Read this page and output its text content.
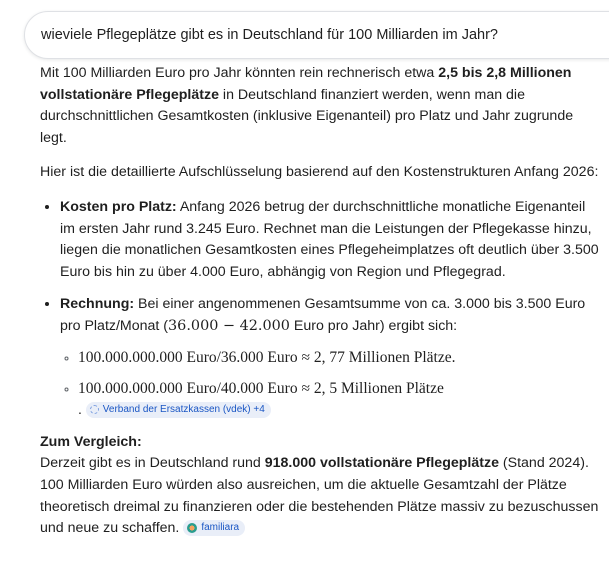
wieviele Pflegeplätze gibt es in Deutschland für 100 Milliarden im Jahr?

Mit 100 Milliarden Euro pro Jahr könnten rein rechnerisch etwa 2,5 bis 2,8 Millionen vollstationäre Pflegeplätze in Deutschland finanziert werden, wenn man die durchschnittlichen Gesamtkosten (inklusive Eigenanteil) pro Platz und Jahr zugrunde legt.

Hier ist die detaillierte Aufschlüsselung basierend auf den Kostenstrukturen Anfang 2026:

• Kosten pro Platz: Anfang 2026 betrug der durchschnittliche monatliche Eigenanteil im ersten Jahr rund 3.245 Euro. Rechnet man die Leistungen der Pflegekasse hinzu, liegen die monatlichen Gesamtkosten eines Pflegeheimplatzes oft deutlich über 3.500 Euro bis hin zu über 4.000 Euro, abhängig von Region und Pflegegrad.
• Rechnung: Bei einer angenommenen Gesamtsumme von ca. 3.000 bis 3.500 Euro pro Platz/Monat (36.000 − 42.000 Euro pro Jahr) ergibt sich:
◦ 100.000.000.000 Euro/36.000 Euro ≈ 2, 77 Millionen Plätze.
◦ 100.000.000.000 Euro/40.000 Euro ≈ 2, 5 Millionen Plätze
. Verband der Ersatzkassen (vdek) +4

Zum Vergleich:

Derzeit gibt es in Deutschland rund 918.000 vollstationäre Pflegeplätze (Stand 2024). 100 Milliarden Euro würden also ausreichen, um die aktuelle Gesamtzahl der Plätze theoretisch dreimal zu finanzieren oder die bestehenden Plätze massiv zu bezuschussen und neue zu schaffen. familiara
